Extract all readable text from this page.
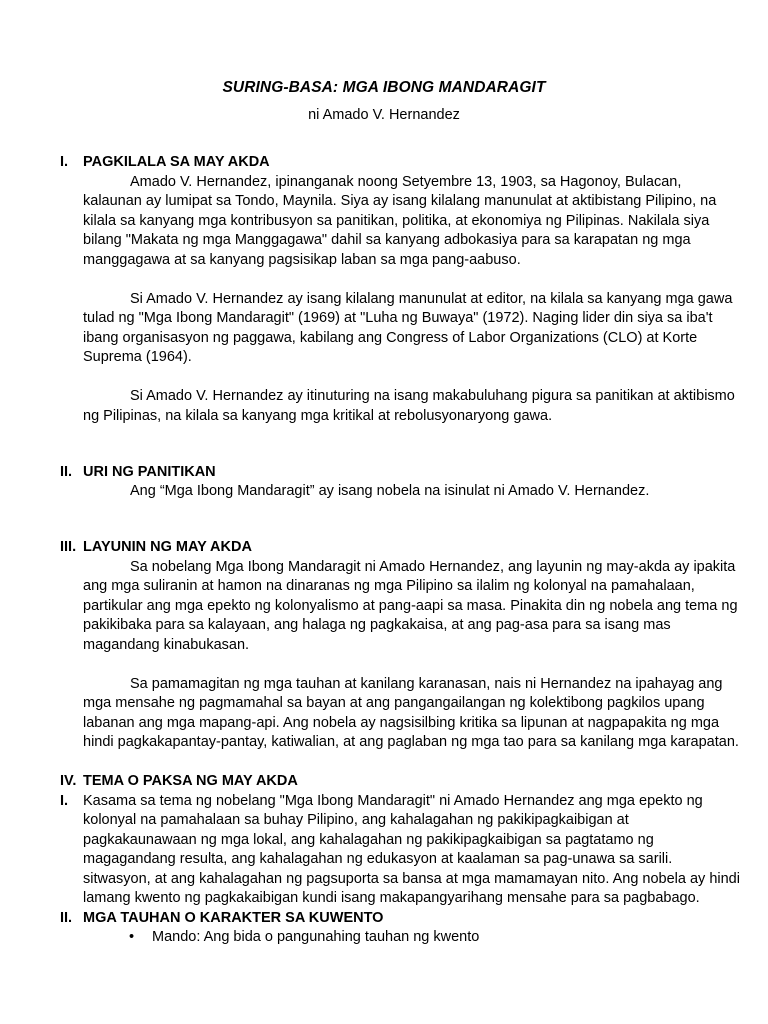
SURING-BASA: MGA IBONG MANDARAGIT
ni Amado V. Hernandez
I.	PAGKILALA SA MAY AKDA

Amado V. Hernandez, ipinanganak noong Setyembre 13, 1903, sa Hagonoy, Bulacan, kalaunan ay lumipat sa Tondo, Maynila. Siya ay isang kilalang manunulat at aktibistang Pilipino, na kilala sa kanyang mga kontribusyon sa panitikan, politika, at ekonomiya ng Pilipinas. Nakilala siya bilang "Makata ng mga Manggagawa" dahil sa kanyang adbokasiya para sa karapatan ng mga manggagawa at sa kanyang pagsisikap laban sa mga pang-aabuso.

Si Amado V. Hernandez ay isang kilalang manunulat at editor, na kilala sa kanyang mga gawa tulad ng "Mga Ibong Mandaragit" (1969) at "Luha ng Buwaya" (1972). Naging lider din siya sa iba't ibang organisasyon ng paggawa, kabilang ang Congress of Labor Organizations (CLO) at Korte Suprema (1964).

Si Amado V. Hernandez ay itinuturing na isang makabuluhang pigura sa panitikan at aktibismo ng Pilipinas, na kilala sa kanyang mga kritikal at rebolusyonaryong gawa.

II. URI NG PANITIKAN

Ang “Mga Ibong Mandaragit” ay isang nobela na isinulat ni Amado V. Hernandez.

III. LAYUNIN NG MAY AKDA

Sa nobelang Mga Ibong Mandaragit ni Amado Hernandez, ang layunin ng may-akda ay ipakita ang mga suliranin at hamon na dinaranas ng mga Pilipino sa ilalim ng kolonyal na pamahalaan, partikular ang mga epekto ng kolonyalismo at pang-aapi sa masa. Pinakita din ng nobela ang tema ng pakikibaka para sa kalayaan, ang halaga ng pagkakaisa, at ang pag-asa para sa isang mas magandang kinabukasan.

Sa pamamagitan ng mga tauhan at kanilang karanasan, nais ni Hernandez na ipahayag ang mga mensahe ng pagmamahal sa bayan at ang pangangailangan ng kolektibong pagkilos upang labanan ang mga mapang-api. Ang nobela ay nagsisilbing kritika sa lipunan at nagpapakita ng mga hindi pagkakapantay-pantay, katiwalian, at ang paglaban ng mga tao para sa kanilang mga karapatan.

IV. TEMA O PAKSA NG MAY AKDA
I.	Kasama sa tema ng nobelang "Mga Ibong Mandaragit" ni Amado Hernandez ang mga epekto ng kolonyal na pamahalaan sa buhay Pilipino, ang kahalagahan ng pakikipagkaibigan at pagkakaunawaan ng mga lokal, ang kahalagahan ng pakikipagkaibigan sa pagtatamo ng magagandang resulta, ang kahalagahan ng edukasyon at kaalaman sa pag-unawa sa sarili. sitwasyon, at ang kahalagahan ng pagsuporta sa bansa at mga mamamayan nito. Ang nobela ay hindi lamang kwento ng pagkakaibigan kundi isang makapangyarihang mensahe para sa pagbabago.

II. MGA TAUHAN O KARAKTER SA KUWENTO
•	Mando: Ang bida o pangunahing tauhan ng kwento
